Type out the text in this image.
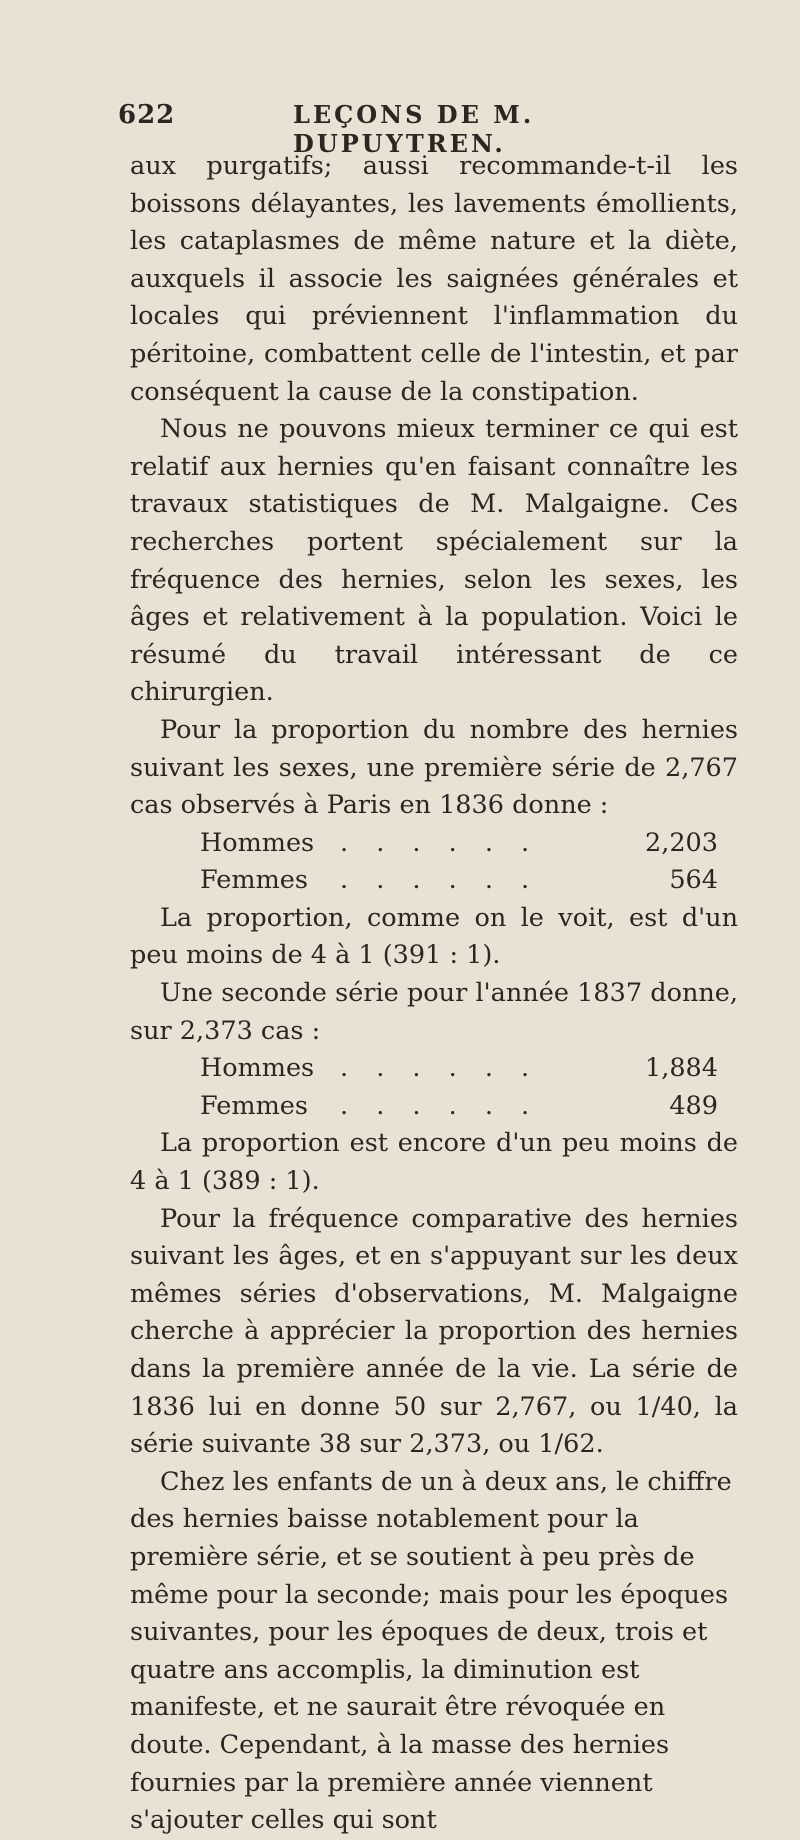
622	LEÇONS DE M. DUPUYTREN.

aux purgatifs; aussi recommande-t-il les boissons délayantes, les lavements émollients, les cataplasmes de même nature et la diète, auxquels il associe les saignées générales et locales qui préviennent l'inflammation du péritoine, combattent celle de l'intestin, et par conséquent la cause de la constipation.

Nous ne pouvons mieux terminer ce qui est relatif aux hernies qu'en faisant connaître les travaux statistiques de M. Malgaigne. Ces recherches portent spécialement sur la fréquence des hernies, selon les sexes, les âges et relativement à la population. Voici le résumé du travail intéressant de ce chirurgien.

Pour la proportion du nombre des hernies suivant les sexes, une première série de 2,767 cas observés à Paris en 1836 donne :

Hommes . . . . . .	2,203
Femmes . . . . . .	564

La proportion, comme on le voit, est d'un peu moins de 4 à 1 (391 : 1).

Une seconde série pour l'année 1837 donne, sur 2,373 cas :

Hommes . . . . . .	1,884
Femmes . . . . . .	489

La proportion est encore d'un peu moins de 4 à 1 (389 : 1).

Pour la fréquence comparative des hernies suivant les âges, et en s'appuyant sur les deux mêmes séries d'observations, M. Malgaigne cherche à apprécier la proportion des hernies dans la première année de la vie. La série de 1836 lui en donne 50 sur 2,767, ou 1/40, la série suivante 38 sur 2,373, ou 1/62.

Chez les enfants de un à deux ans, le chiffre des hernies baisse notablement pour la première série, et se soutient à peu près de même pour la seconde; mais pour les époques suivantes, pour les époques de deux, trois et quatre ans accomplis, la diminution est manifeste, et ne saurait être révoquée en doute. Cependant, à la masse des hernies fournies par la première année viennent s'ajouter celles qui sont
